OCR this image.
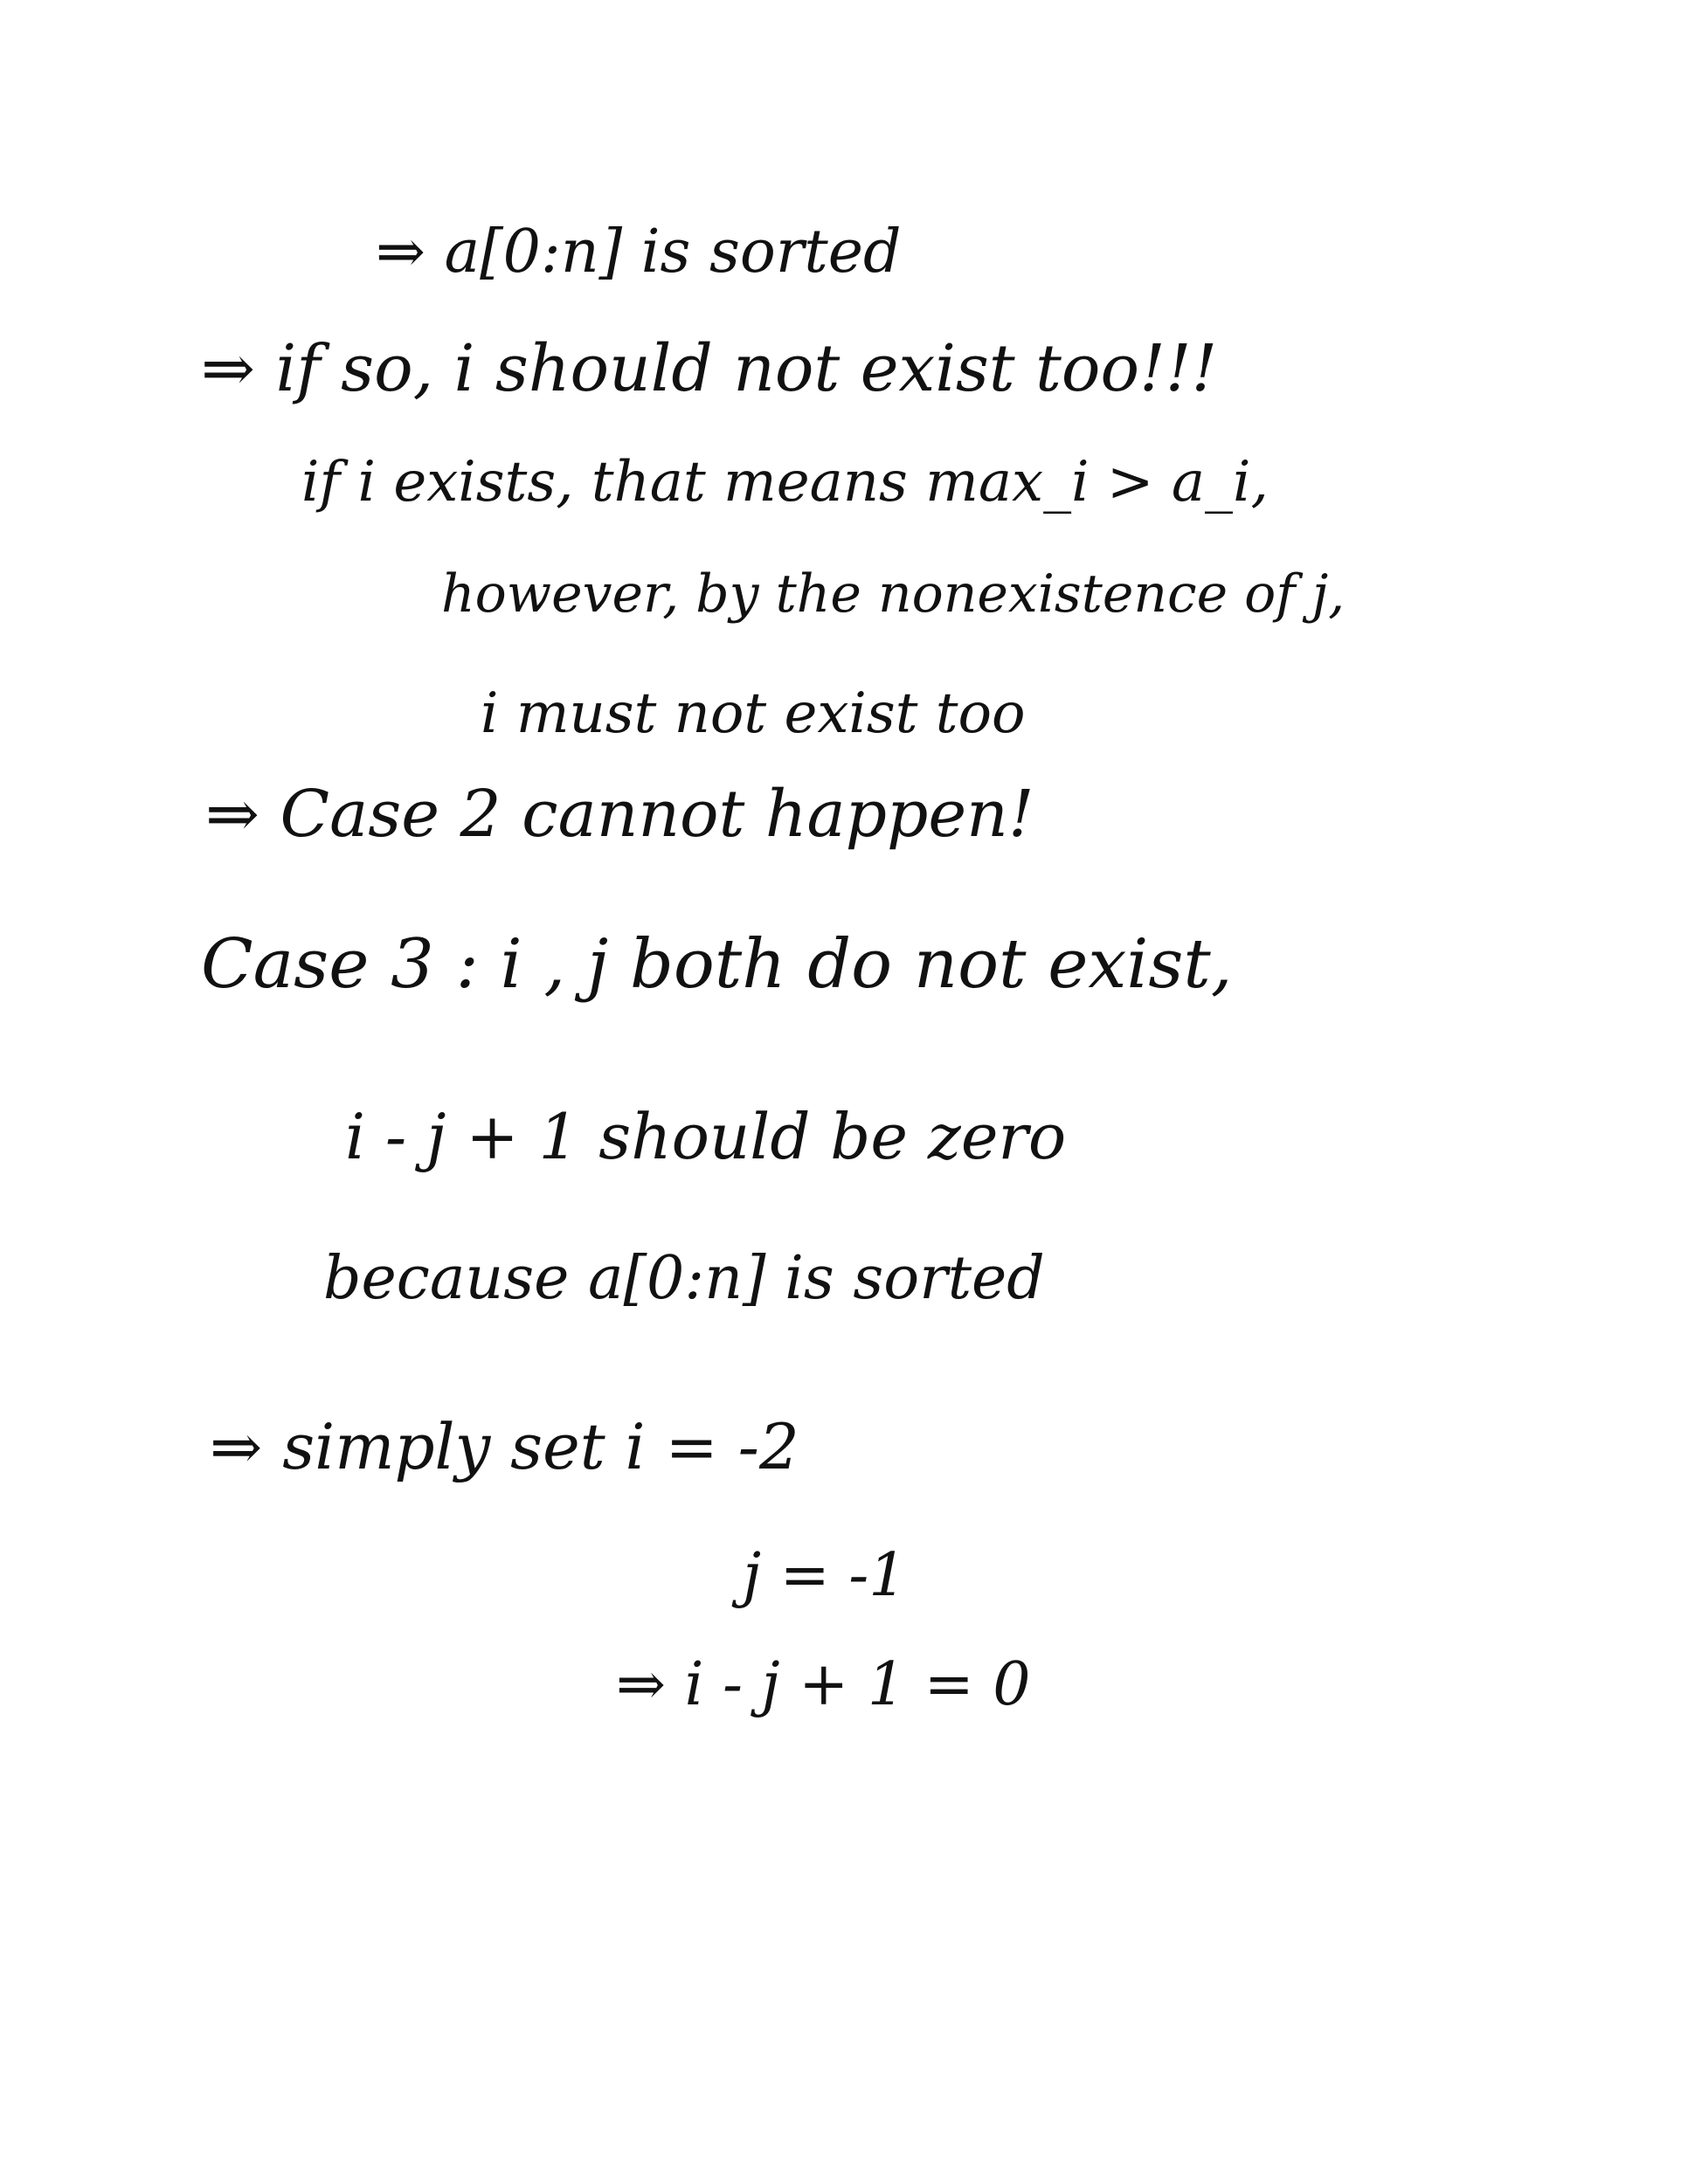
⇒ a[0:n] is sorted

⇒ if so, i should not exist too!!!

if i exists, that means max_i > a_i,

however, by the nonexistence of j,

i must not exist too

⇒ Case 2 cannot happen!

Case 3 : i , j both do not exist,

i - j + 1 should be zero

because a[0:n] is sorted

⇒ simply set i = -2

j = -1

⇒ i - j + 1 = 0
